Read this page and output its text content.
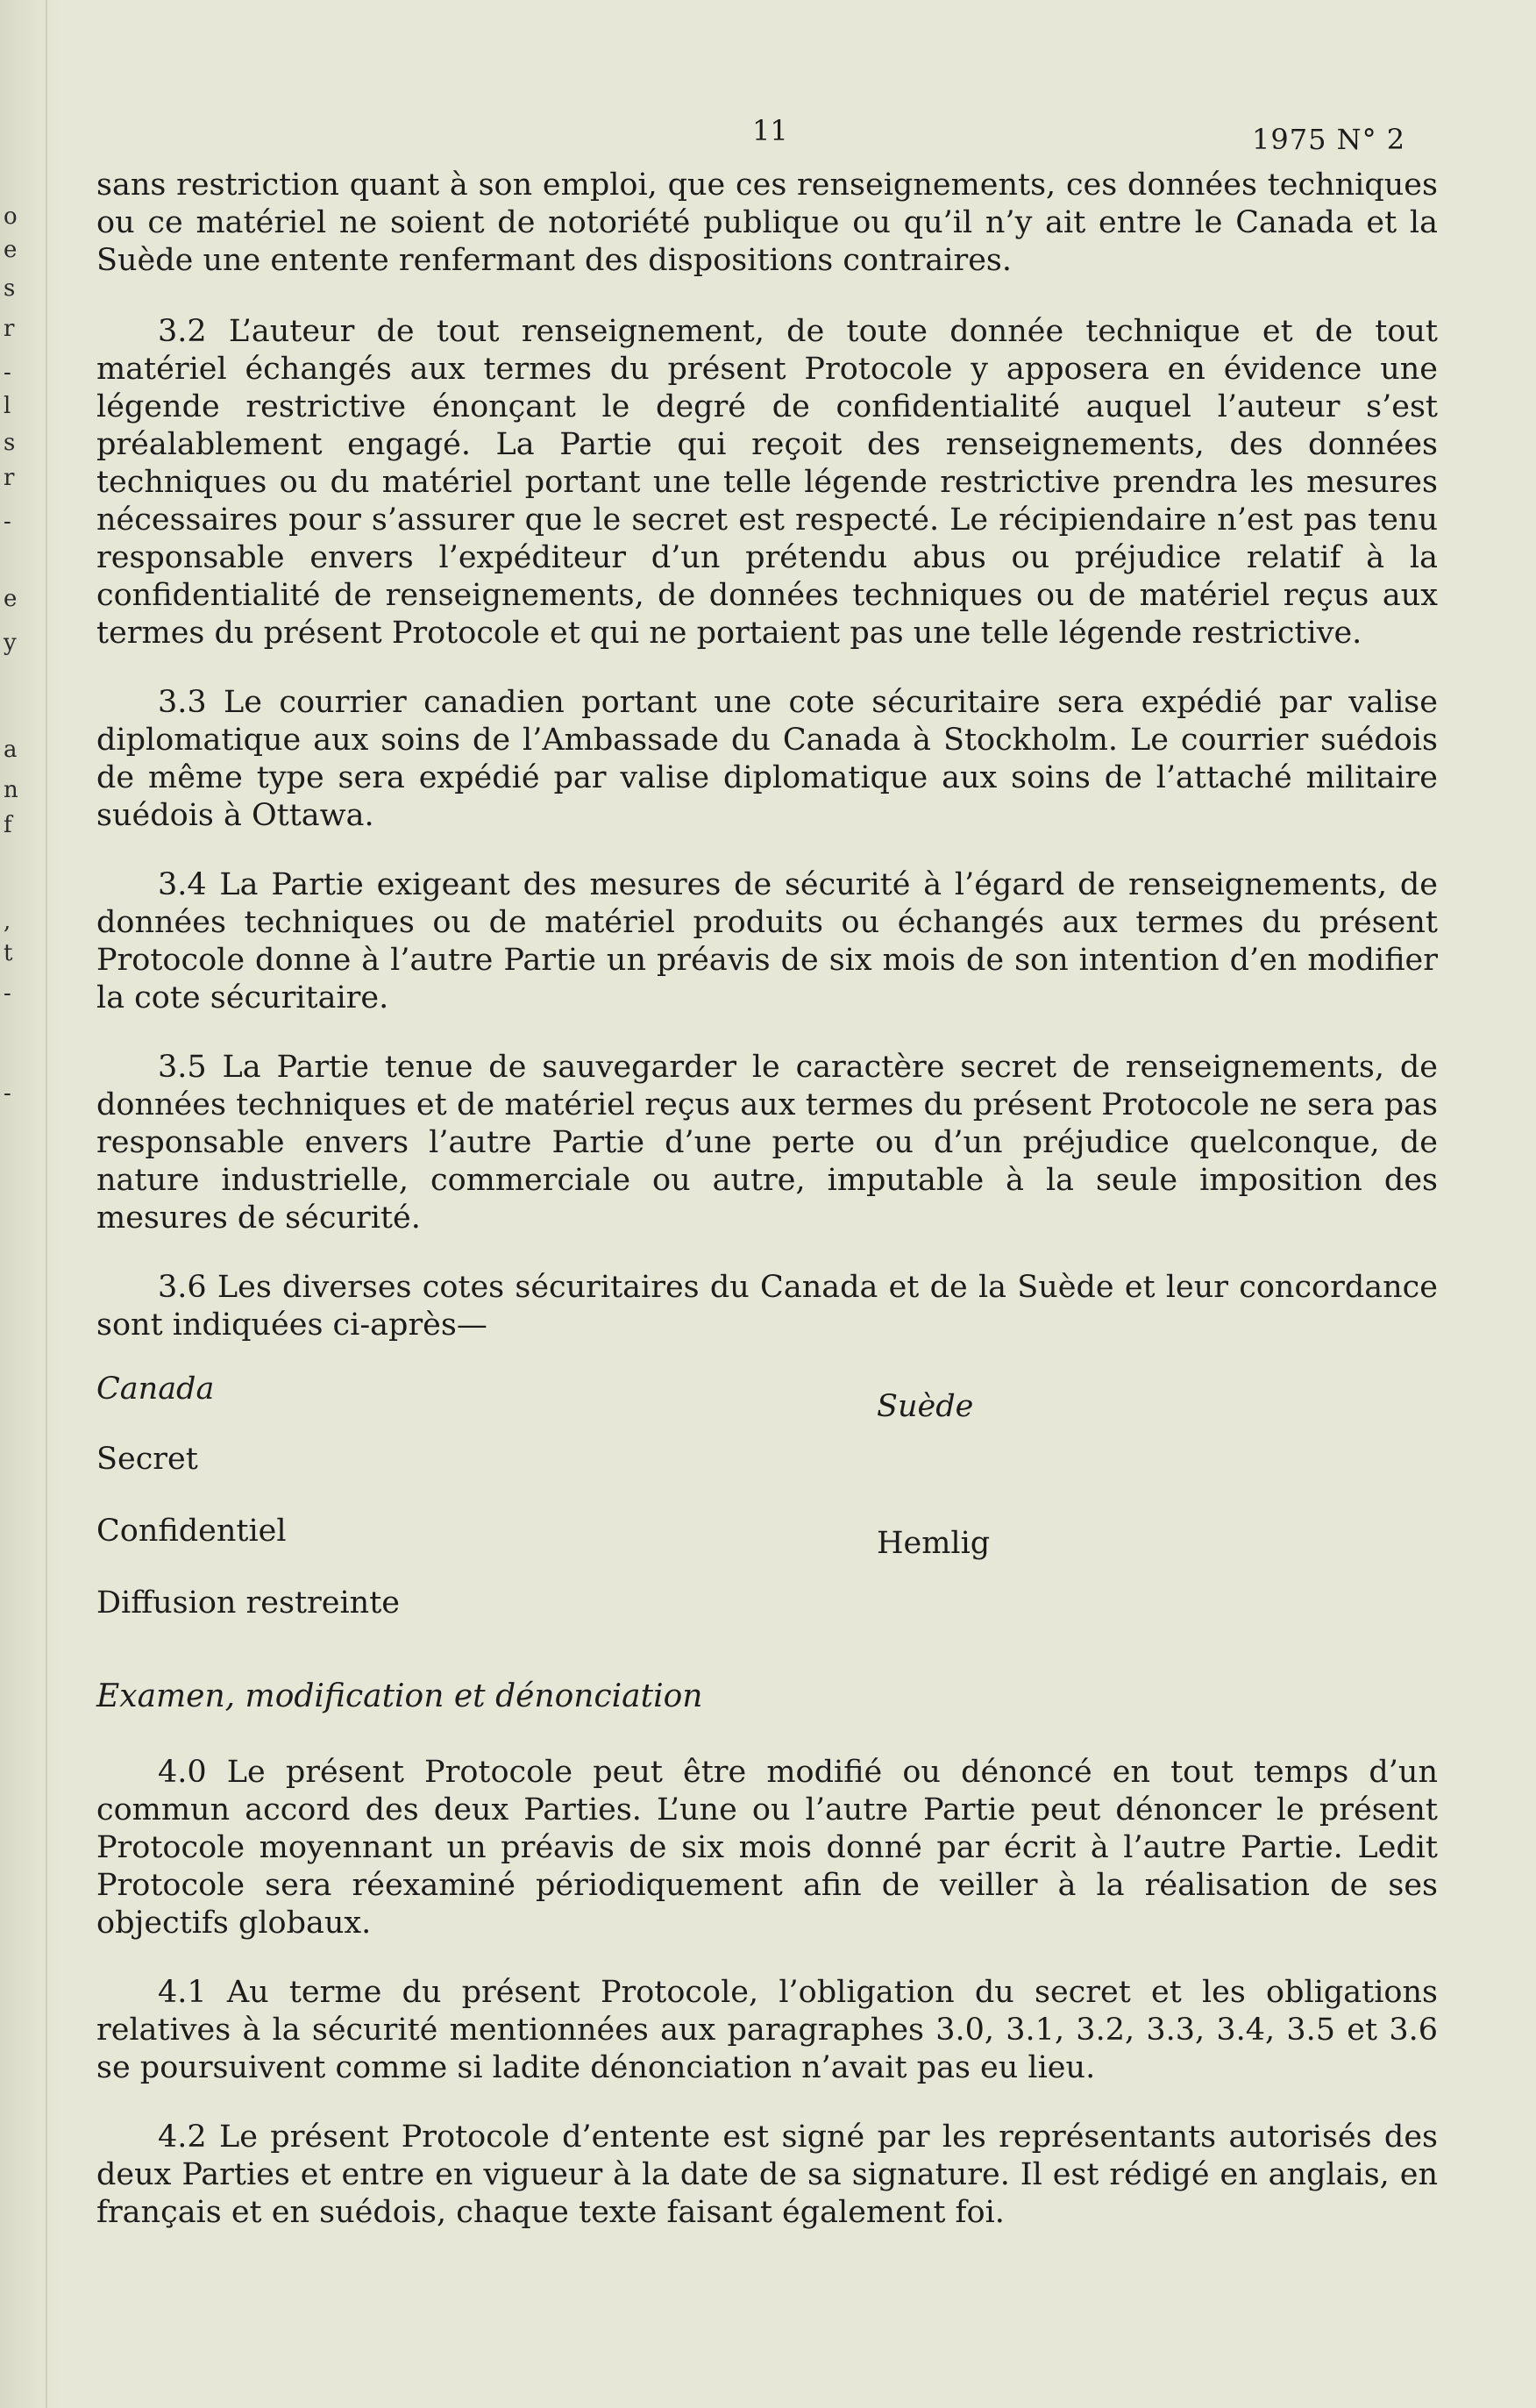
o
e
s
r
-
l
s
r
-
e
y
a
n
f
,
t
-
-
11	1975 N° 2

sans restriction quant à son emploi, que ces renseignements, ces données techniques ou ce matériel ne soient de notoriété publique ou qu’il n’y ait entre le Canada et la Suède une entente renfermant des dispositions contraires.

3.2 L’auteur de tout renseignement, de toute donnée technique et de tout matériel échangés aux termes du présent Protocole y apposera en évidence une légende restrictive énonçant le degré de confidentialité auquel l’auteur s’est préalablement engagé. La Partie qui reçoit des renseignements, des données techniques ou du matériel portant une telle légende restrictive prendra les mesures nécessaires pour s’assurer que le secret est respecté. Le récipiendaire n’est pas tenu responsable envers l’expéditeur d’un prétendu abus ou préjudice relatif à la confidentialité de renseignements, de données techniques ou de matériel reçus aux termes du présent Protocole et qui ne portaient pas une telle légende restrictive.

3.3 Le courrier canadien portant une cote sécuritaire sera expédié par valise diplomatique aux soins de l’Ambassade du Canada à Stockholm. Le courrier suédois de même type sera expédié par valise diplomatique aux soins de l’attaché militaire suédois à Ottawa.

3.4 La Partie exigeant des mesures de sécurité à l’égard de renseignements, de données techniques ou de matériel produits ou échangés aux termes du présent Protocole donne à l’autre Partie un préavis de six mois de son intention d’en modifier la cote sécuritaire.

3.5 La Partie tenue de sauvegarder le caractère secret de renseignements, de données techniques et de matériel reçus aux termes du présent Protocole ne sera pas responsable envers l’autre Partie d’une perte ou d’un préjudice quelconque, de nature industrielle, commerciale ou autre, imputable à la seule imposition des mesures de sécurité.

3.6 Les diverses cotes sécuritaires du Canada et de la Suède et leur concordance sont indiquées ci-après—

Canada	Suède
Secret
Confidentiel
Diffusion restreinte
Hemlig
Examen, modification et dénonciation

4.0 Le présent Protocole peut être modifié ou dénoncé en tout temps d’un commun accord des deux Parties. L’une ou l’autre Partie peut dénoncer le présent Protocole moyennant un préavis de six mois donné par écrit à l’autre Partie. Ledit Protocole sera réexaminé périodiquement afin de veiller à la réalisation de ses objectifs globaux.

4.1 Au terme du présent Protocole, l’obligation du secret et les obligations relatives à la sécurité mentionnées aux paragraphes 3.0, 3.1, 3.2, 3.3, 3.4, 3.5 et 3.6 se poursuivent comme si ladite dénonciation n’avait pas eu lieu.

4.2 Le présent Protocole d’entente est signé par les représentants autorisés des deux Parties et entre en vigueur à la date de sa signature. Il est rédigé en anglais, en français et en suédois, chaque texte faisant également foi.
